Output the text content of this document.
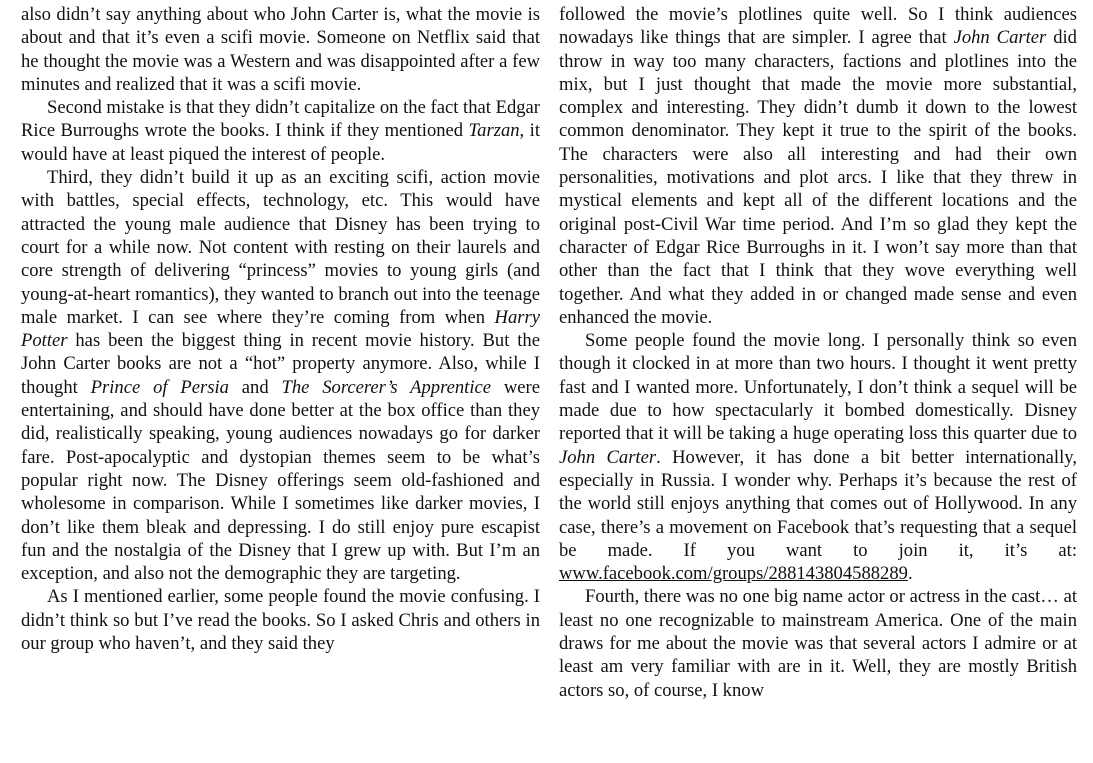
also didn’t say anything about who John Carter is, what the movie is about and that it’s even a scifi movie. Someone on Netflix said that he thought the movie was a Western and was disappointed after a few minutes and realized that it was a scifi movie.

Second mistake is that they didn’t capitalize on the fact that Edgar Rice Burroughs wrote the books. I think if they mentioned Tarzan, it would have at least piqued the interest of people.

Third, they didn’t build it up as an exciting scifi, action movie with battles, special effects, technology, etc. This would have attracted the young male audience that Disney has been trying to court for a while now. Not content with resting on their laurels and core strength of delivering “princess” movies to young girls (and young-at-heart romantics), they wanted to branch out into the teenage male market. I can see where they’re coming from when Harry Potter has been the biggest thing in recent movie history. But the John Carter books are not a “hot” property anymore. Also, while I thought Prince of Persia and The Sorcerer’s Apprentice were entertaining, and should have done better at the box office than they did, realistically speaking, young audiences nowadays go for darker fare. Post-apocalyptic and dystopian themes seem to be what’s popular right now. The Disney offerings seem old-fashioned and wholesome in comparison. While I sometimes like darker movies, I don’t like them bleak and depressing. I do still enjoy pure escapist fun and the nostalgia of the Disney that I grew up with. But I’m an exception, and also not the demographic they are targeting.

As I mentioned earlier, some people found the movie confusing. I didn’t think so but I’ve read the books. So I asked Chris and others in our group who haven’t, and they said they

followed the movie’s plotlines quite well. So I think audiences nowadays like things that are simpler. I agree that John Carter did throw in way too many characters, factions and plotlines into the mix, but I just thought that made the movie more substantial, complex and interesting. They didn’t dumb it down to the lowest common denominator. They kept it true to the spirit of the books. The characters were also all interesting and had their own personalities, motivations and plot arcs. I like that they threw in mystical elements and kept all of the different locations and the original post-Civil War time period. And I’m so glad they kept the character of Edgar Rice Burroughs in it. I won’t say more than that other than the fact that I think that they wove everything well together. And what they added in or changed made sense and even enhanced the movie.

Some people found the movie long. I personally think so even though it clocked in at more than two hours. I thought it went pretty fast and I wanted more. Unfortunately, I don’t think a sequel will be made due to how spectacularly it bombed domestically. Disney reported that it will be taking a huge operating loss this quarter due to John Carter. However, it has done a bit better internationally, especially in Russia. I wonder why. Perhaps it’s because the rest of the world still enjoys anything that comes out of Hollywood. In any case, there’s a movement on Facebook that’s requesting that a sequel be made. If you want to join it, it’s at: www.facebook.com/groups/288143804588289.

Fourth, there was no one big name actor or actress in the cast… at least no one recognizable to mainstream America. One of the main draws for me about the movie was that several actors I admire or at least am very familiar with are in it. Well, they are mostly British actors so, of course, I know
